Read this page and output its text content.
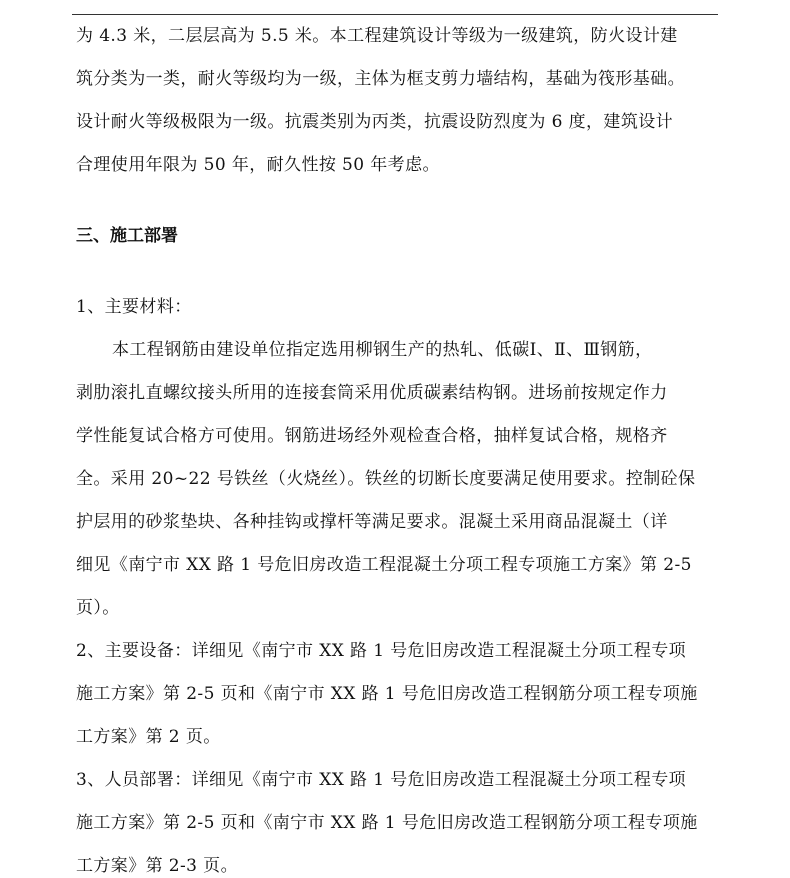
为 4.3 米，二层层高为 5.5 米。本工程建筑设计等级为一级建筑，防火设计建
筑分类为一类，耐火等级均为一级，主体为框支剪力墙结构，基础为筏形基础。
设计耐火等级极限为一级。抗震类别为丙类，抗震设防烈度为 6 度，建筑设计
合理使用年限为 50 年，耐久性按 50 年考虑。
三、施工部署
1、主要材料：
本工程钢筋由建设单位指定选用柳钢生产的热轧、低碳Ⅰ、Ⅱ、Ⅲ钢筋，
剥肋滚扎直螺纹接头所用的连接套筒采用优质碳素结构钢。进场前按规定作力
学性能复试合格方可使用。钢筋进场经外观检查合格，抽样复试合格，规格齐
全。采用 20~22 号铁丝（火烧丝）。铁丝的切断长度要满足使用要求。控制砼保
护层用的砂浆垫块、各种挂钩或撑杆等满足要求。混凝土采用商品混凝土（详
细见《南宁市 XX 路 1 号危旧房改造工程混凝土分项工程专项施工方案》第 2-5
页）。
2、主要设备：详细见《南宁市 XX 路 1 号危旧房改造工程混凝土分项工程专项
施工方案》第 2-5 页和《南宁市 XX 路 1 号危旧房改造工程钢筋分项工程专项施
工方案》第 2 页。
3、人员部署：详细见《南宁市 XX 路 1 号危旧房改造工程混凝土分项工程专项
施工方案》第 2-5 页和《南宁市 XX 路 1 号危旧房改造工程钢筋分项工程专项施
工方案》第 2-3 页。
